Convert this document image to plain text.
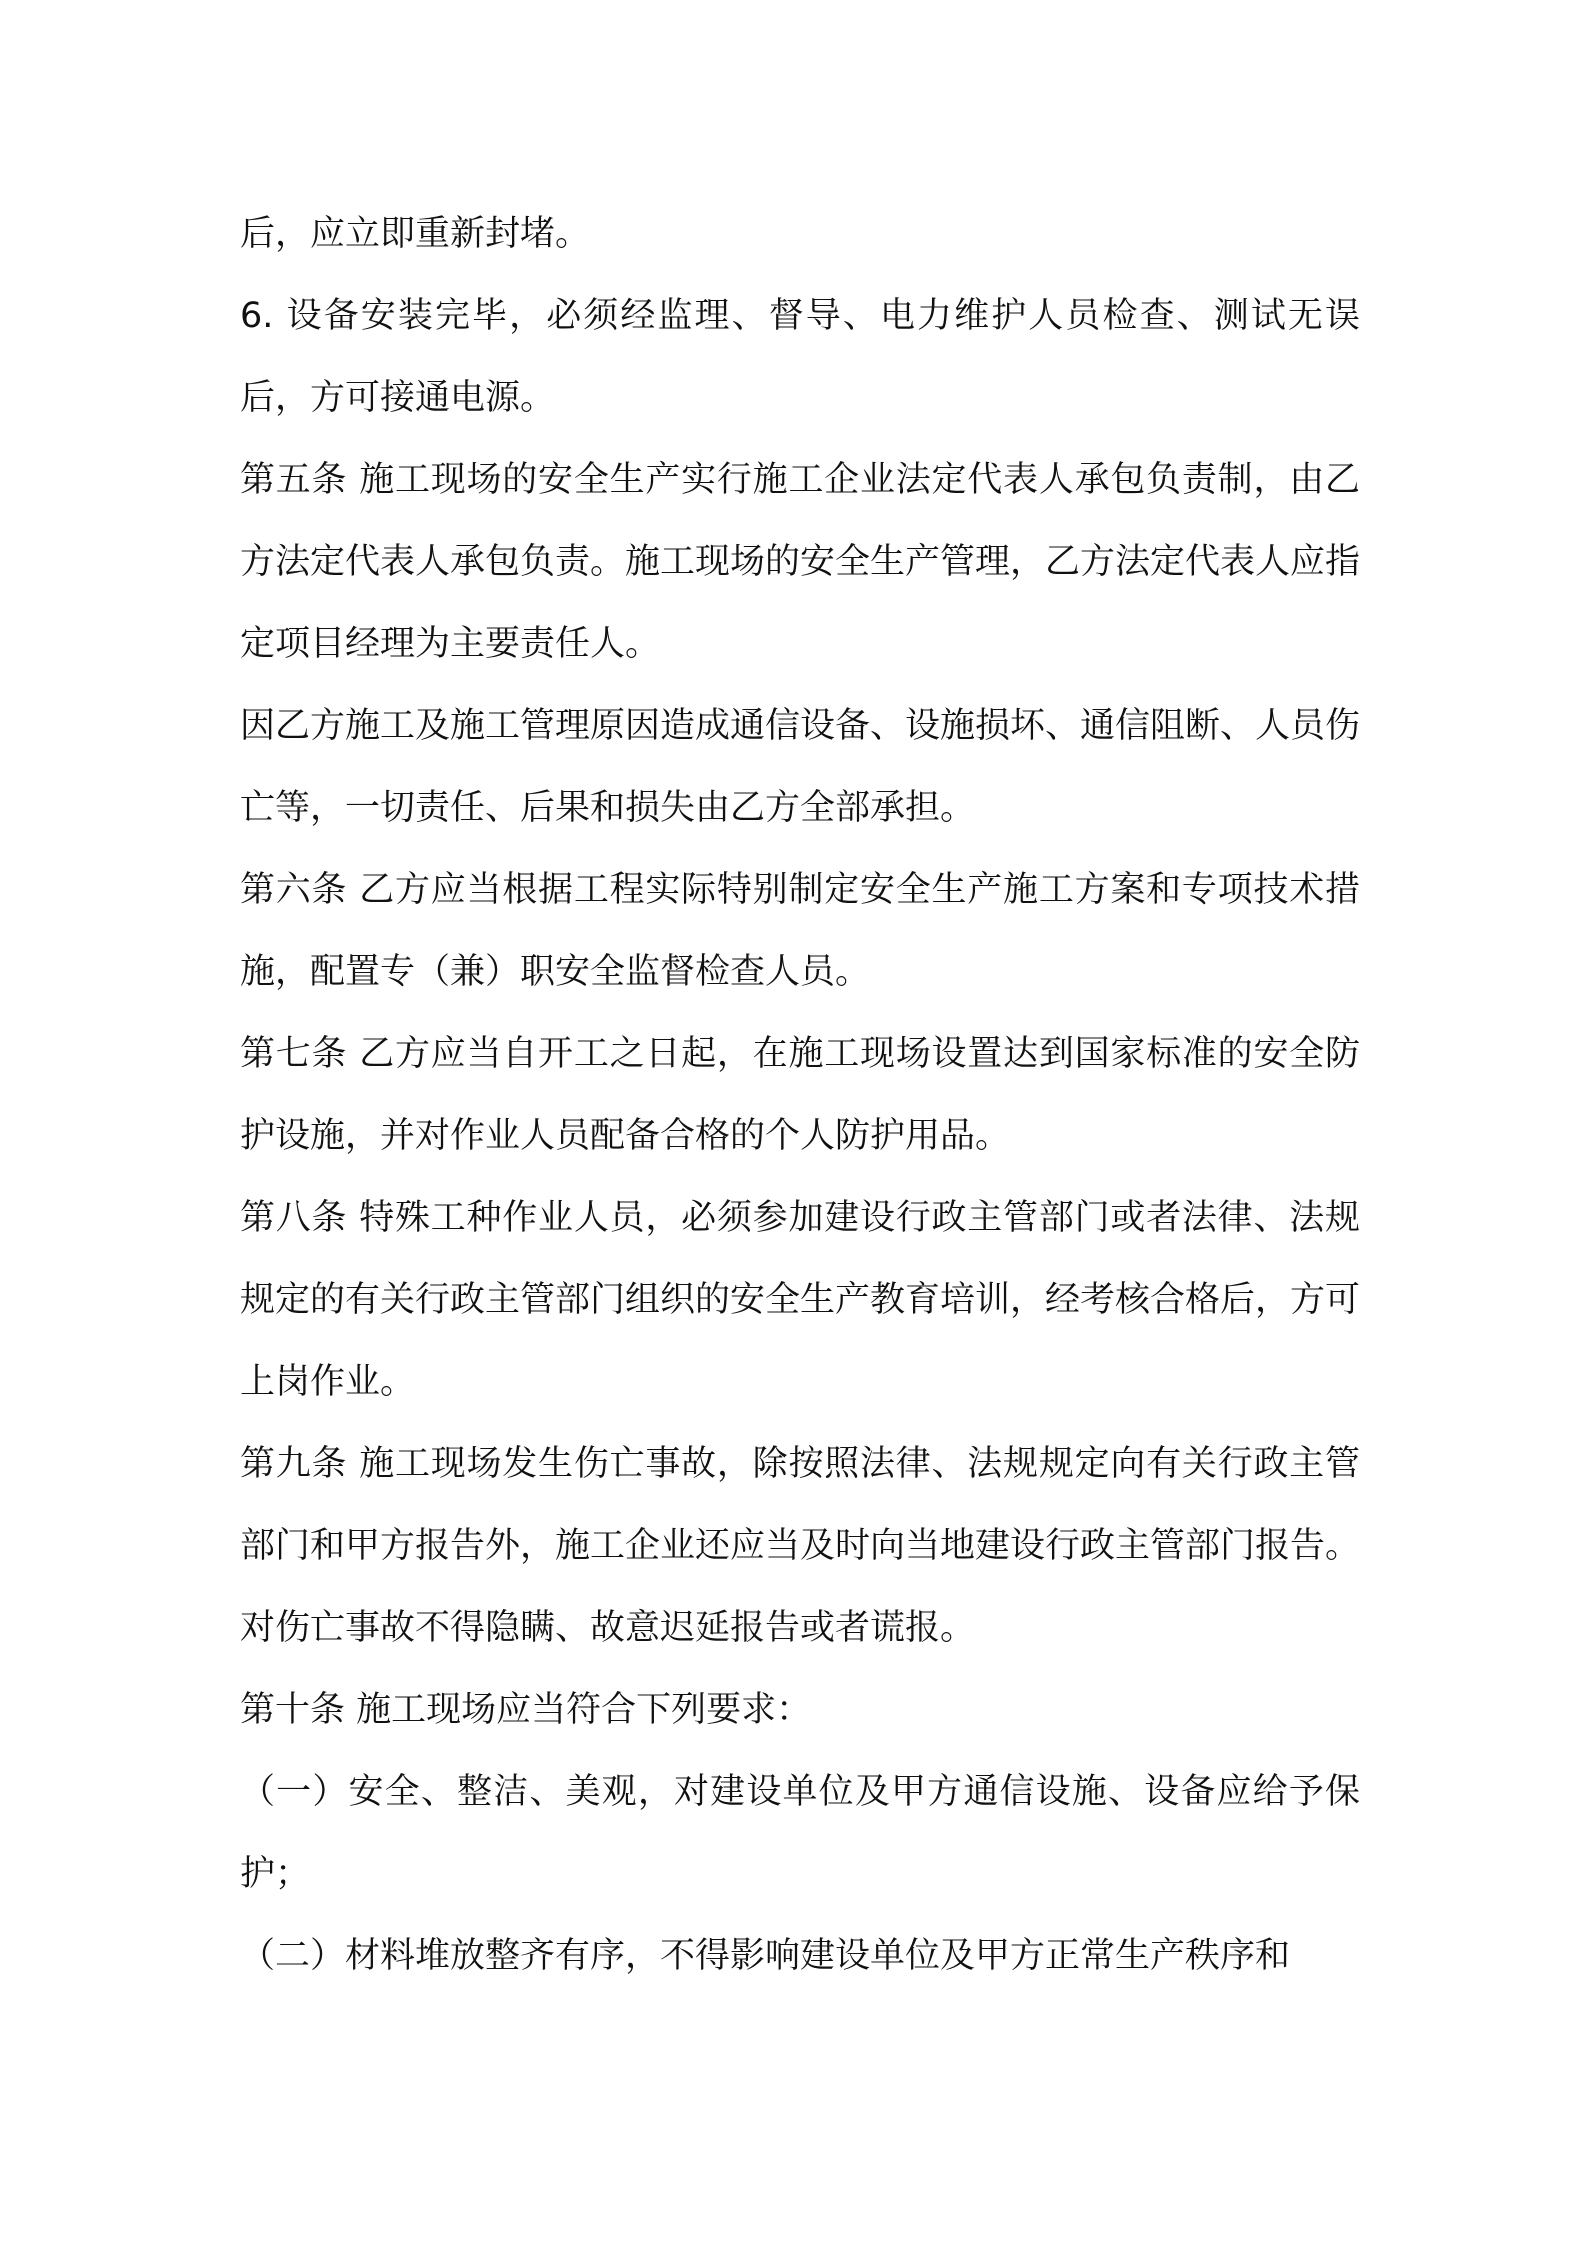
后，应立即重新封堵。

6. 设备安装完毕，必须经监理、督导、电力维护人员检查、测试无误后，方可接通电源。

第五条 施工现场的安全生产实行施工企业法定代表人承包负责制，由乙方法定代表人承包负责。施工现场的安全生产管理，乙方法定代表人应指定项目经理为主要责任人。

因乙方施工及施工管理原因造成通信设备、设施损坏、通信阻断、人员伤亡等，一切责任、后果和损失由乙方全部承担。

第六条 乙方应当根据工程实际特别制定安全生产施工方案和专项技术措施，配置专（兼）职安全监督检查人员。

第七条 乙方应当自开工之日起，在施工现场设置达到国家标准的安全防护设施，并对作业人员配备合格的个人防护用品。

第八条 特殊工种作业人员，必须参加建设行政主管部门或者法律、法规规定的有关行政主管部门组织的安全生产教育培训，经考核合格后，方可上岗作业。

第九条 施工现场发生伤亡事故，除按照法律、法规规定向有关行政主管部门和甲方报告外，施工企业还应当及时向当地建设行政主管部门报告。对伤亡事故不得隐瞒、故意迟延报告或者谎报。

第十条 施工现场应当符合下列要求：

（一）安全、整洁、美观，对建设单位及甲方通信设施、设备应给予保护；

（二）材料堆放整齐有序，不得影响建设单位及甲方正常生产秩序和
